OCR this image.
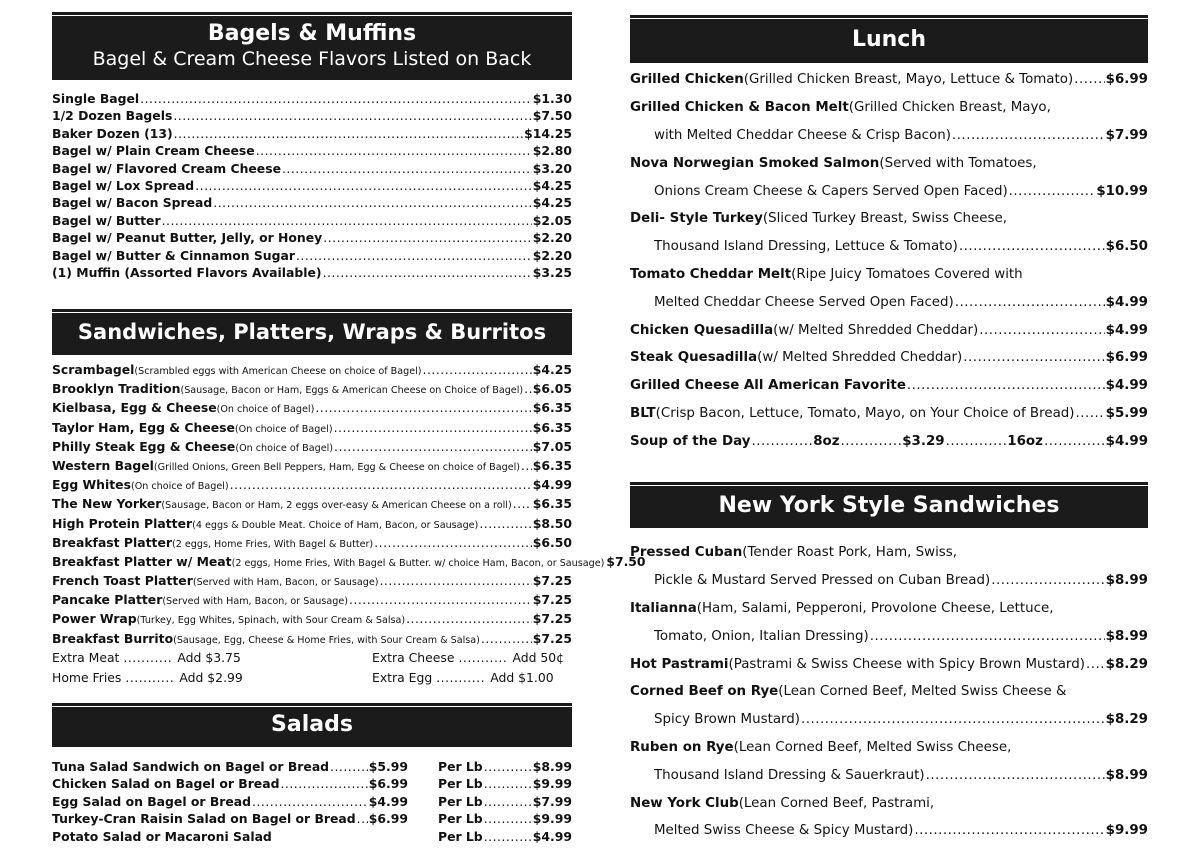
Bagels & Muffins
Bagel & Cream Cheese Flavors Listed on Back
Single Bagel .....	$1.30
1/2 Dozen Bagels .....	$7.50
Baker Dozen (13) .....	$14.25
Bagel w/ Plain Cream Cheese .....	$2.80
Bagel w/ Flavored Cream Cheese .....	$3.20
Bagel w/ Lox Spread .....	$4.25
Bagel w/ Bacon Spread .....	$4.25
Bagel w/ Butter .....	$2.05
Bagel w/ Peanut Butter, Jelly, or Honey .....	$2.20
Bagel w/ Butter & Cinnamon Sugar .....	$2.20
(1) Muffin (Assorted Flavors Available) .....	$3.25
Sandwiches, Platters, Wraps & Burritos
Scrambagel (Scrambled eggs with American Cheese on choice of Bagel) .....	$4.25
Brooklyn Tradition (Sausage, Bacon or Ham, Eggs & American Cheese on Choice of Bagel) ..... $6.05
Kielbasa, Egg & Cheese (On choice of Bagel) .....	$6.35
Taylor Ham, Egg & Cheese (On choice of Bagel) .....	$6.35
Philly Steak Egg & Cheese (On choice of Bagel) .....	$7.05
Western Bagel (Grilled Onions, Green Bell Peppers, Ham, Egg & Cheese on choice of Bagel) ..... $6.35
Egg Whites (On choice of Bagel) .....	$4.99
The New Yorker (Sausage, Bacon or Ham, 2 eggs over-easy & American Cheese on a roll) ..... $6.35
High Protein Platter (4 eggs & Double Meat. Choice of Ham, Bacon, or Sausage) .....	$8.50
Breakfast Platter (2 eggs, Home Fries, With Bagel & Butter) .....	$6.50
Breakfast Platter w/ Meat (2 eggs, Home Fries, With Bagel & Butter. w/ choice Ham, Bacon, or Sausage) $7.50
French Toast Platter (Served with Ham, Bacon, or Sausage) .....	$7.25
Pancake Platter (Served with Ham, Bacon, or Sausage) .....	$7.25
Power Wrap (Turkey, Egg Whites, Spinach, with Sour Cream & Salsa) .....	$7.25
Breakfast Burrito (Sausage, Egg, Cheese & Home Fries, with Sour Cream & Salsa) .....	$7.25
Extra Meat .....	Add $3.75	Extra Cheese .....	Add 50¢
Home Fries .....	Add $2.99	Extra Egg .....	Add $1.00
Salads
Tuna Salad Sandwich on Bagel or Bread .....	$5.99 Per Lb .....	$8.99
Chicken Salad on Bagel or Bread .....	$6.99 Per Lb .....	$9.99
Egg Salad on Bagel or Bread .....	$4.99 Per Lb .....	$7.99
Turkey-Cran Raisin Salad on Bagel or Bread ..... $6.99 Per Lb .....	$9.99
Potato Salad or Macaroni Salad	Per Lb .....	$4.99
Lunch
Grilled Chicken (Grilled Chicken Breast, Mayo, Lettuce & Tomato) ..... $6.99
Grilled Chicken & Bacon Melt (Grilled Chicken Breast, Mayo,
with Melted Cheddar Cheese & Crisp Bacon) .....	$7.99
Nova Norwegian Smoked Salmon (Served with Tomatoes,
Onions Cream Cheese & Capers Served Open Faced) .....	$10.99
Deli- Style Turkey (Sliced Turkey Breast, Swiss Cheese,
Thousand Island Dressing, Lettuce & Tomato) .....	$6.50
Tomato Cheddar Melt (Ripe Juicy Tomatoes Covered with
Melted Cheddar Cheese Served Open Faced) .....	$4.99
Chicken Quesadilla (w/ Melted Shredded Cheddar) .....	$4.99
Steak Quesadilla (w/ Melted Shredded Cheddar) .....	$6.99
Grilled Cheese All American Favorite .....	$4.99
BLT (Crisp Bacon, Lettuce, Tomato, Mayo, on Your Choice of Bread) ..... $5.99
Soup of the Day .....	8oz .....	$3.29 .....	16oz .....	$4.99
New York Style Sandwiches
Pressed Cuban (Tender Roast Pork, Ham, Swiss,
Pickle & Mustard Served Pressed on Cuban Bread) .....	$8.99
Italianna (Ham, Salami, Pepperoni, Provolone Cheese, Lettuce,
Tomato, Onion, Italian Dressing) .....	$8.99
Hot Pastrami (Pastrami & Swiss Cheese with Spicy Brown Mustard) ..... $8.29
Corned Beef on Rye (Lean Corned Beef, Melted Swiss Cheese &
Spicy Brown Mustard) .....	$8.29
Ruben on Rye (Lean Corned Beef, Melted Swiss Cheese,
Thousand Island Dressing & Sauerkraut) .....	$8.99
New York Club (Lean Corned Beef, Pastrami,
Melted Swiss Cheese & Spicy Mustard) .....	$9.99
